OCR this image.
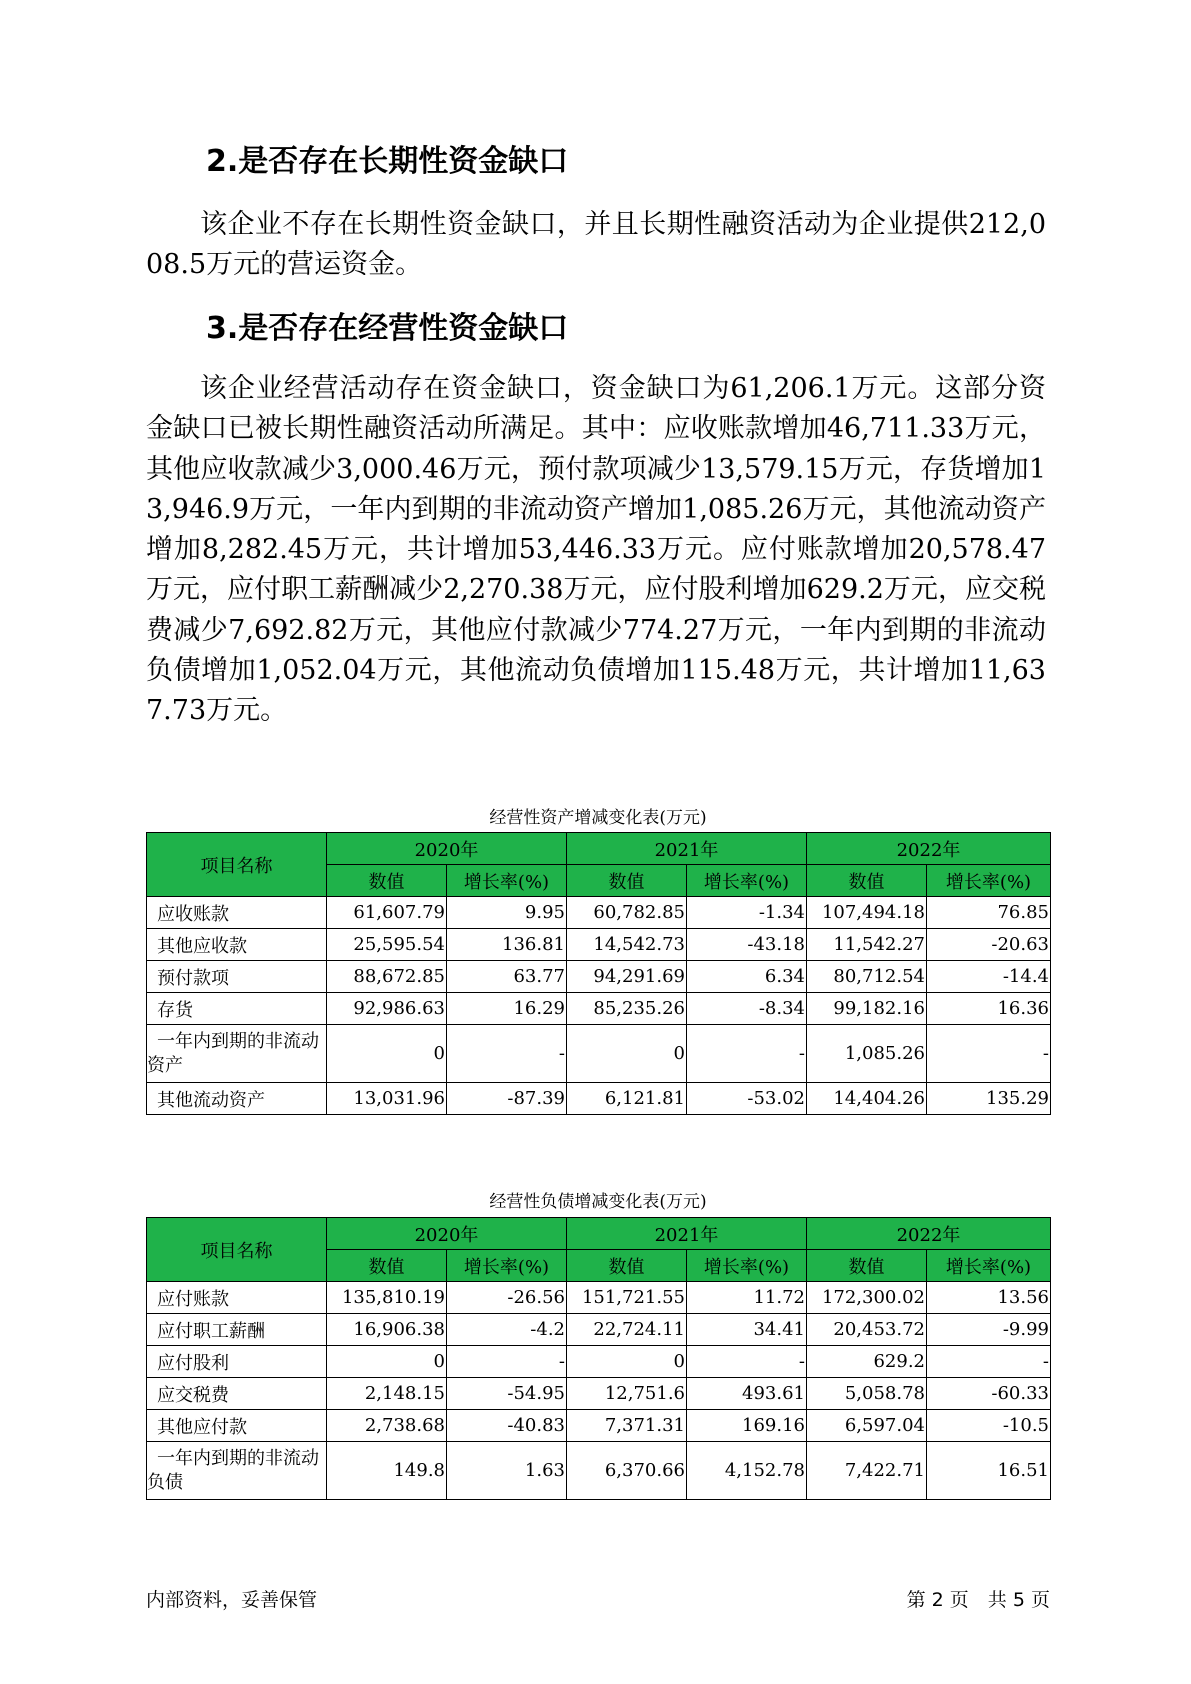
2.是否存在长期性资金缺口

该企业不存在长期性资金缺口，并且长期性融资活动为企业提供212,008.5万元的营运资金。

3.是否存在经营性资金缺口

该企业经营活动存在资金缺口，资金缺口为61,206.1万元。这部分资金缺口已被长期性融资活动所满足。其中：应收账款增加46,711.33万元，其他应收款减少3,000.46万元，预付款项减少13,579.15万元，存货增加13,946.9万元，一年内到期的非流动资产增加1,085.26万元，其他流动资产增加8,282.45万元，共计增加53,446.33万元。应付账款增加20,578.47万元，应付职工薪酬减少2,270.38万元，应付股利增加629.2万元，应交税费减少7,692.82万元，其他应付款减少774.27万元，一年内到期的非流动负债增加1,052.04万元，其他流动负债增加115.48万元，共计增加11,637.73万元。

经营性资产增减变化表(万元)
项目名称	2020年		2021年		2022年	
	数值	增长率(%)	数值	增长率(%)	数值	增长率(%)
应收账款	61,607.79	9.95	60,782.85	-1.34	107,494.18	76.85
其他应收款	25,595.54	136.81	14,542.73	-43.18	11,542.27	-20.63
预付款项	88,672.85	63.77	94,291.69	6.34	80,712.54	-14.4
存货	92,986.63	16.29	85,235.26	-8.34	99,182.16	16.36
一年内到期的非流动资产	0	-	0	-	1,085.26	-
其他流动资产	13,031.96	-87.39	6,121.81	-53.02	14,404.26	135.29
经营性负债增减变化表(万元)
项目名称	2020年		2021年		2022年	
	数值	增长率(%)	数值	增长率(%)	数值	增长率(%)
应付账款	135,810.19	-26.56	151,721.55	11.72	172,300.02	13.56
应付职工薪酬	16,906.38	-4.2	22,724.11	34.41	20,453.72	-9.99
应付股利	0	-	0	-	629.2	-
应交税费	2,148.15	-54.95	12,751.6	493.61	5,058.78	-60.33
其他应付款	2,738.68	-40.83	7,371.31	169.16	6,597.04	-10.5
一年内到期的非流动负债	149.8	1.63	6,370.66	4,152.78	7,422.71	16.51
内部资料，妥善保管	第 2 页　共 5 页
